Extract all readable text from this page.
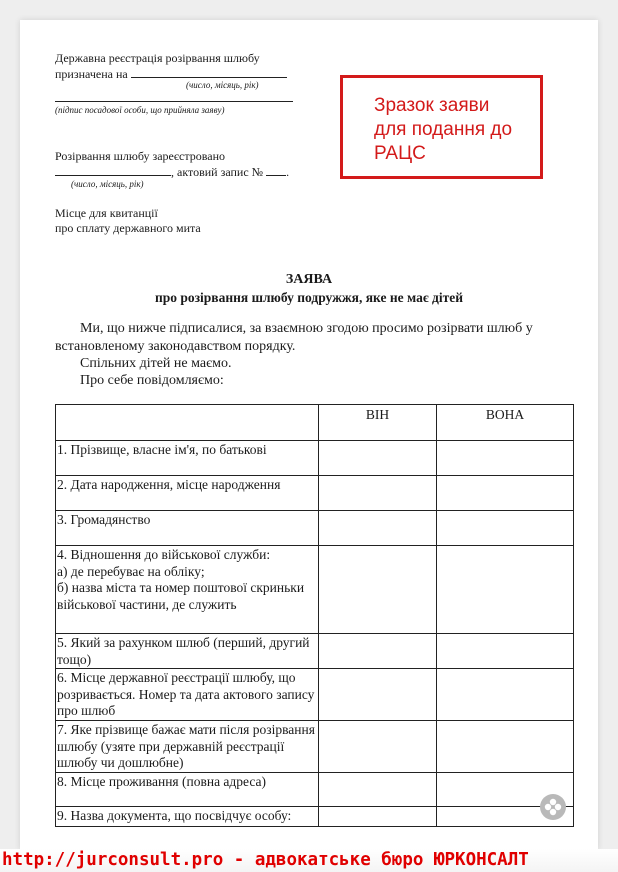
Державна реєстрація розірвання шлюбу
призначена на
(число, місяць, рік)
(підпис посадової особи, що прийняла заяву)
Розірвання шлюбу зареєстровано
, актовий запис № .
(число, місяць, рік)
Місце для квитанції
про сплату державного мита
Зразок заяви
для подання до
РАЦС
ЗАЯВА
про розірвання шлюбу подружжя, яке не має дітей
Ми, що нижче підписалися, за взаємною згодою просимо розірвати шлюб у
встановленому законодавством порядку.
Спільних дітей не маємо.
Про себе повідомляємо:
	ВІН	ВОНА
1. Прізвище, власне ім'я, по батькові		
2. Дата народження, місце народження		
3. Громадянство		
4. Відношення до військової служби:
а) де перебуває на обліку;
б) назва міста та номер поштової скриньки військової частини, де служить		
5. Який за рахунком шлюб (перший, другий тощо)		
6. Місце державної реєстрації шлюбу, що розривається. Номер та дата актового запису про шлюб		
7. Яке прізвище бажає мати після розірвання шлюбу (узяте при державній реєстрації шлюбу чи дошлюбне)		
8. Місце проживання (повна адреса)		
9. Назва документа, що посвідчує особу:		
http://jurconsult.pro - адвокатське бюро ЮРКОНСАЛТ
